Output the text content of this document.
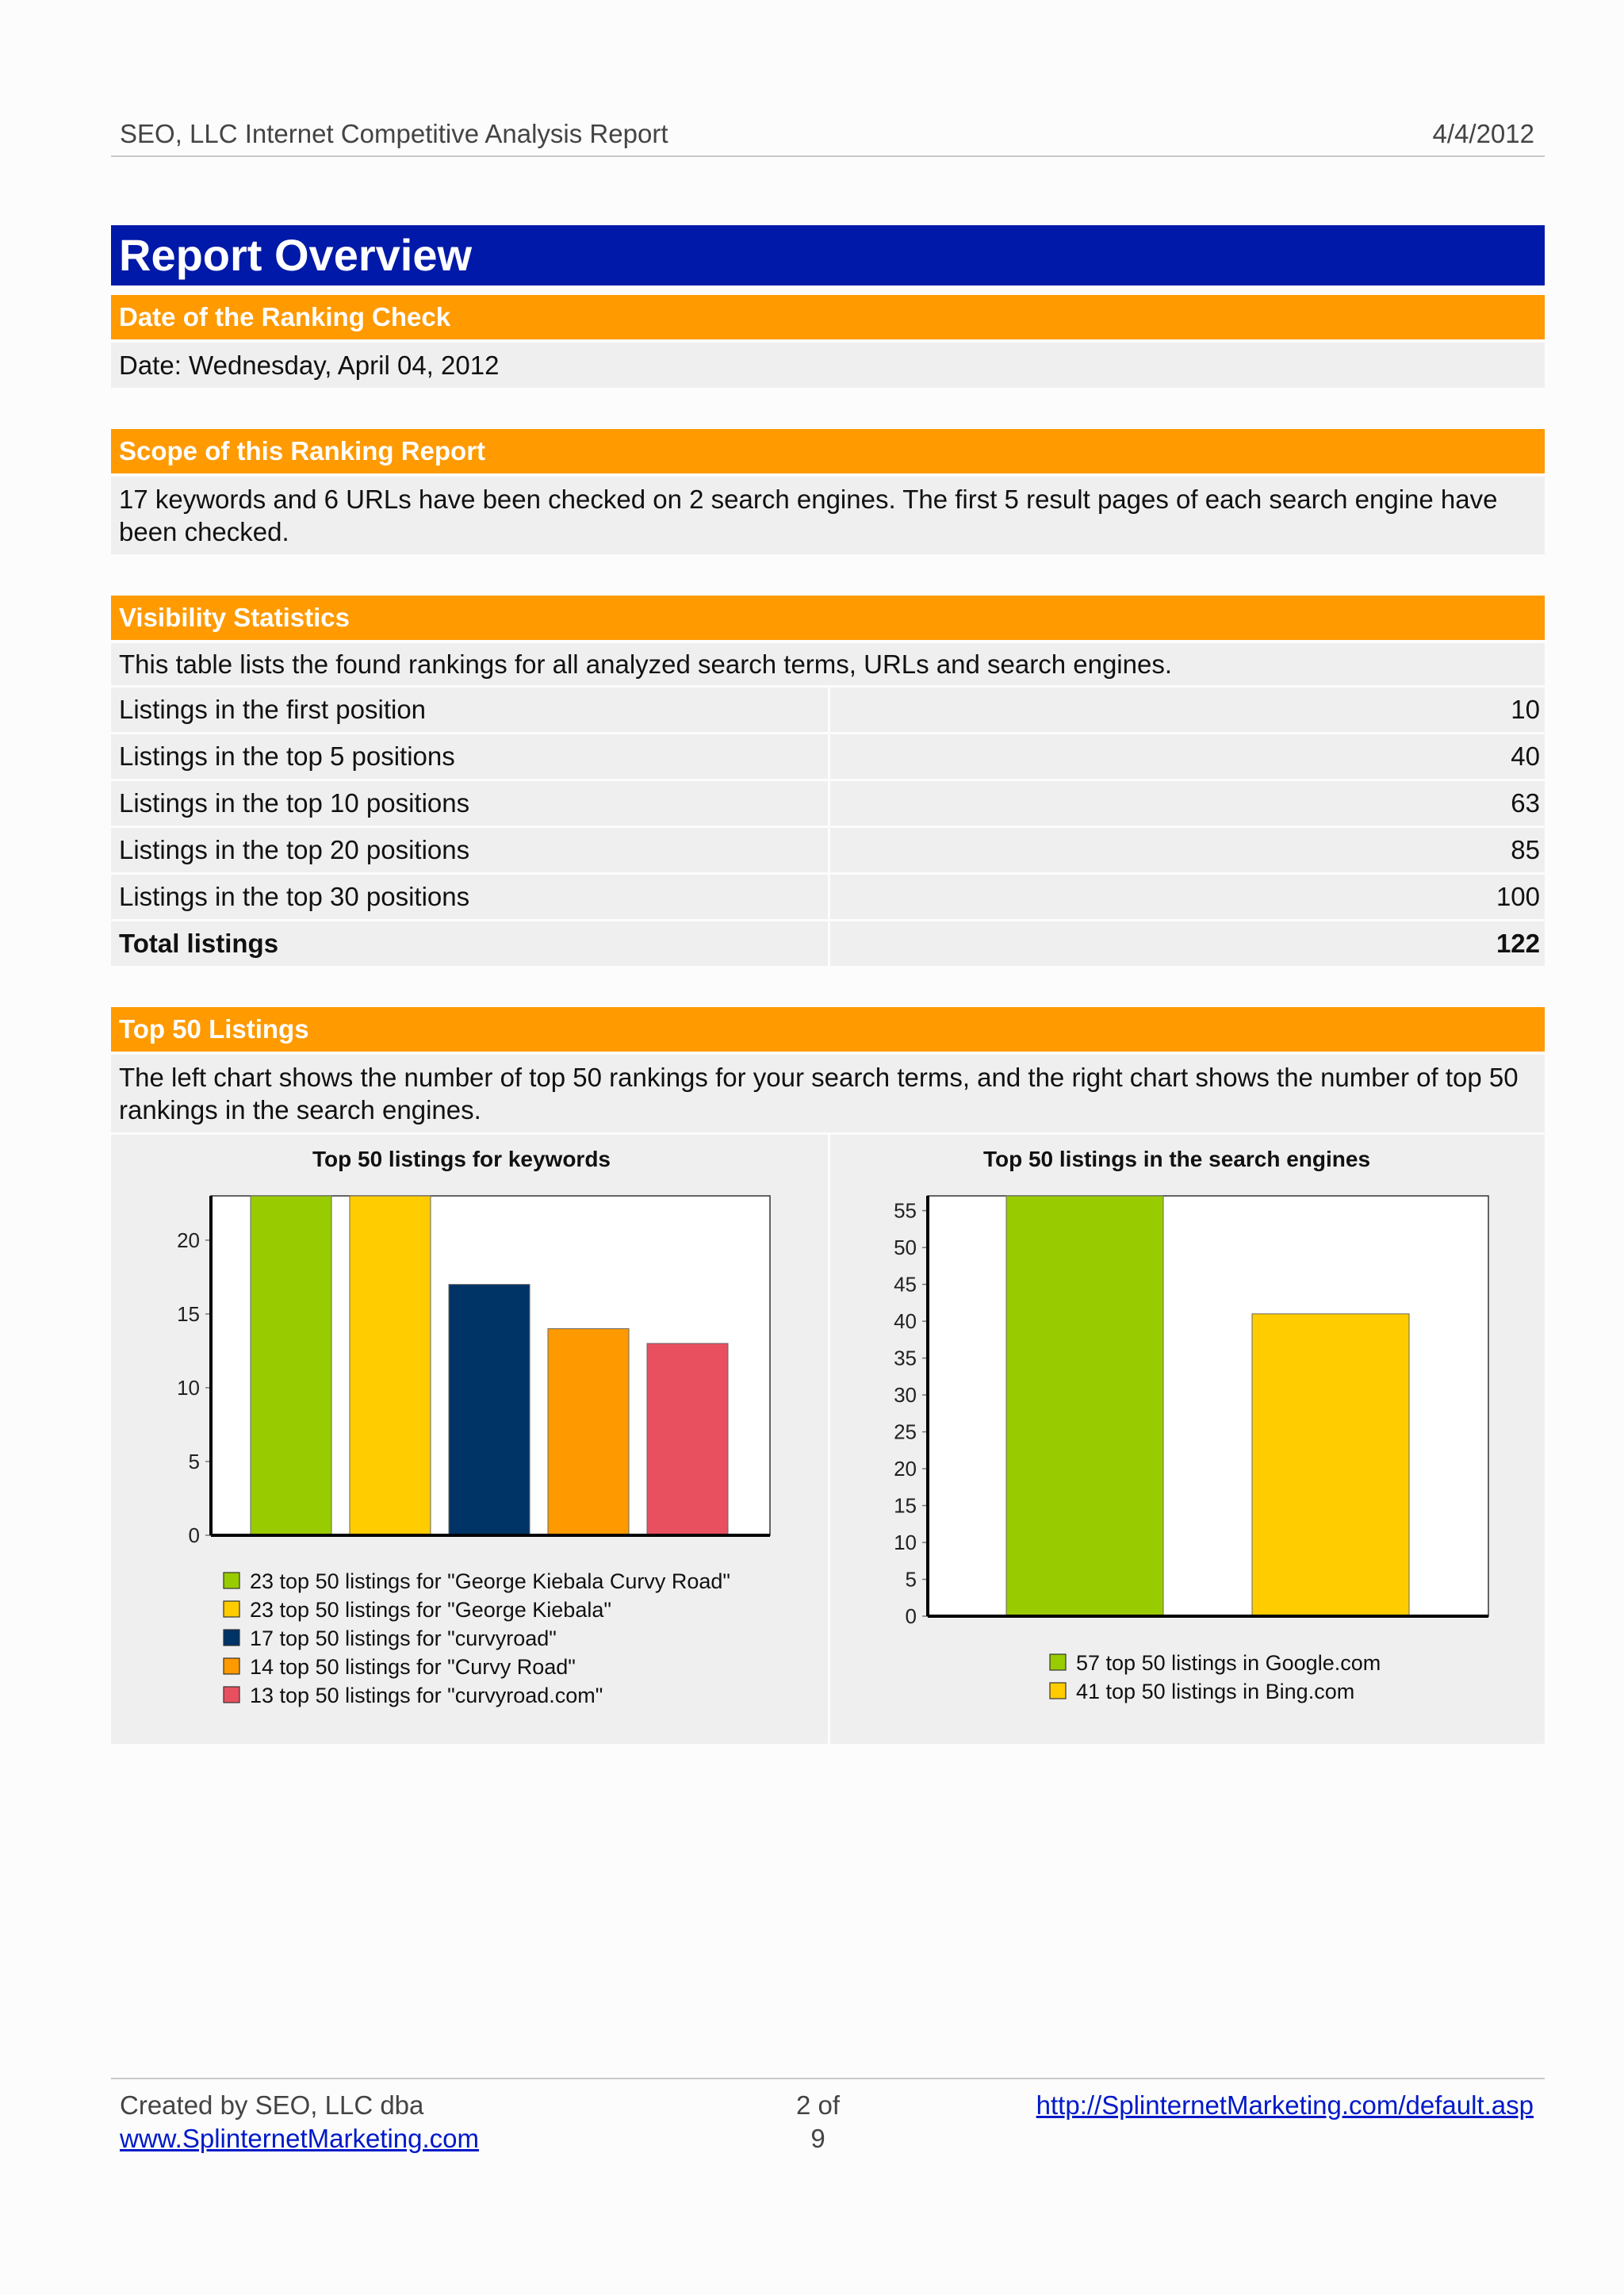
SEO, LLC Internet Competitive Analysis Report	4/4/2012
Report Overview
Date of the Ranking Check
Date: Wednesday, April 04, 2012
Scope of this Ranking Report
17 keywords and 6 URLs have been checked on 2 search engines. The first 5 result pages of each search engine have been checked.
Visibility Statistics
This table lists the found rankings for all analyzed search terms, URLs and search engines.
Listings in the first position	10
Listings in the top 5 positions	40
Listings in the top 10 positions	63
Listings in the top 20 positions	85
Listings in the top 30 positions	100
Total listings	122
Top 50 Listings
The left chart shows the number of top 50 rankings for your search terms, and the right chart shows the number of top 50 rankings in the search engines.
Top 50 listings for keywords
0
5
10
15
20
23 top 50 listings for "George Kiebala Curvy Road"
23 top 50 listings for "George Kiebala"
17 top 50 listings for "curvyroad"
14 top 50 listings for "Curvy Road"
13 top 50 listings for "curvyroad.com"
Top 50 listings in the search engines
0
5
10
15
20
25
30
35
40
45
50
55
57 top 50 listings in Google.com
41 top 50 listings in Bing.com
Created by SEO, LLC dba
www.SplinternetMarketing.com
2 of
9
http://SplinternetMarketing.com/default.asp
